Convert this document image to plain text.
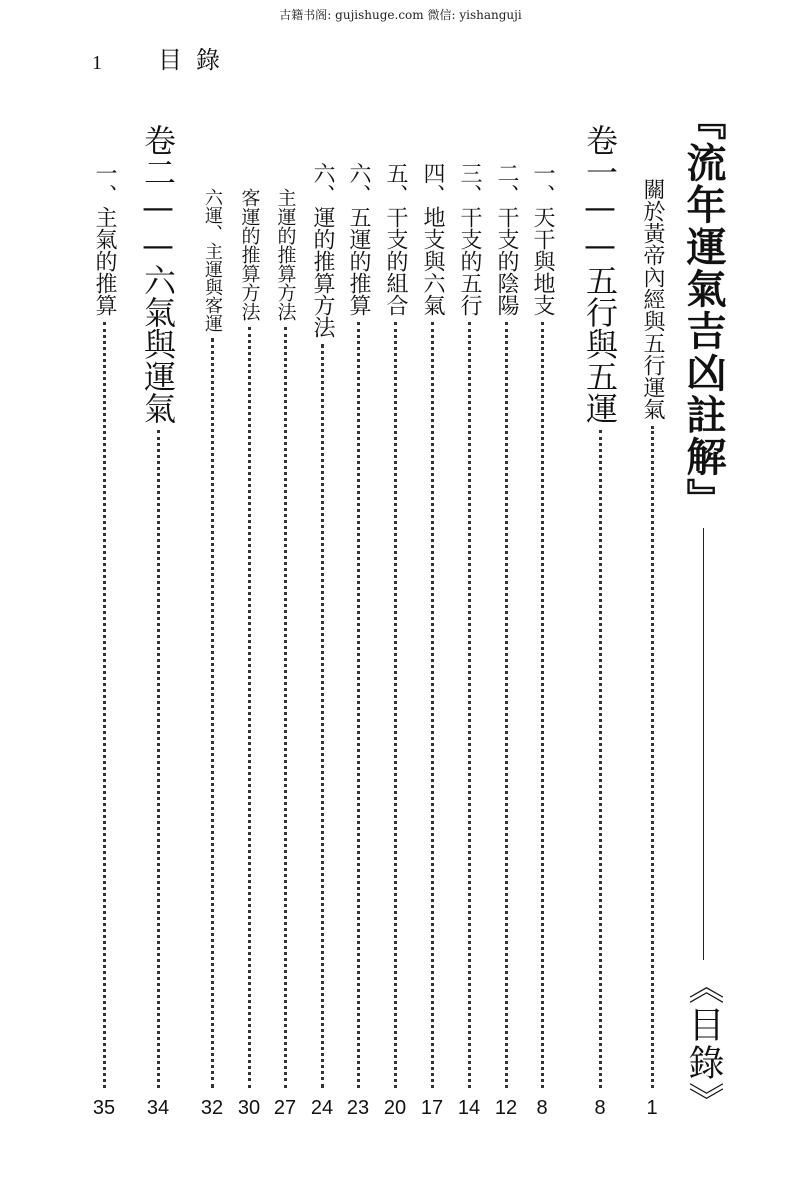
古籍书阁: gujishuge.com 微信: yishanguji
1 目錄
『流年運氣吉凶註解』
《目錄》
關於黃帝內經與五行運氣
1
卷一——五行與五運
8
一、天干與地支
8
二、干支的陰陽
12
三、干支的五行
14
四、地支與六氣
17
五、干支的組合
20
六、五運的推算
23
六、運的推算方法
24
主運的推算方法
27
客運的推算方法
30
六運、主運與客運
32
卷二——六氣與運氣
34
一、主氣的推算
35
